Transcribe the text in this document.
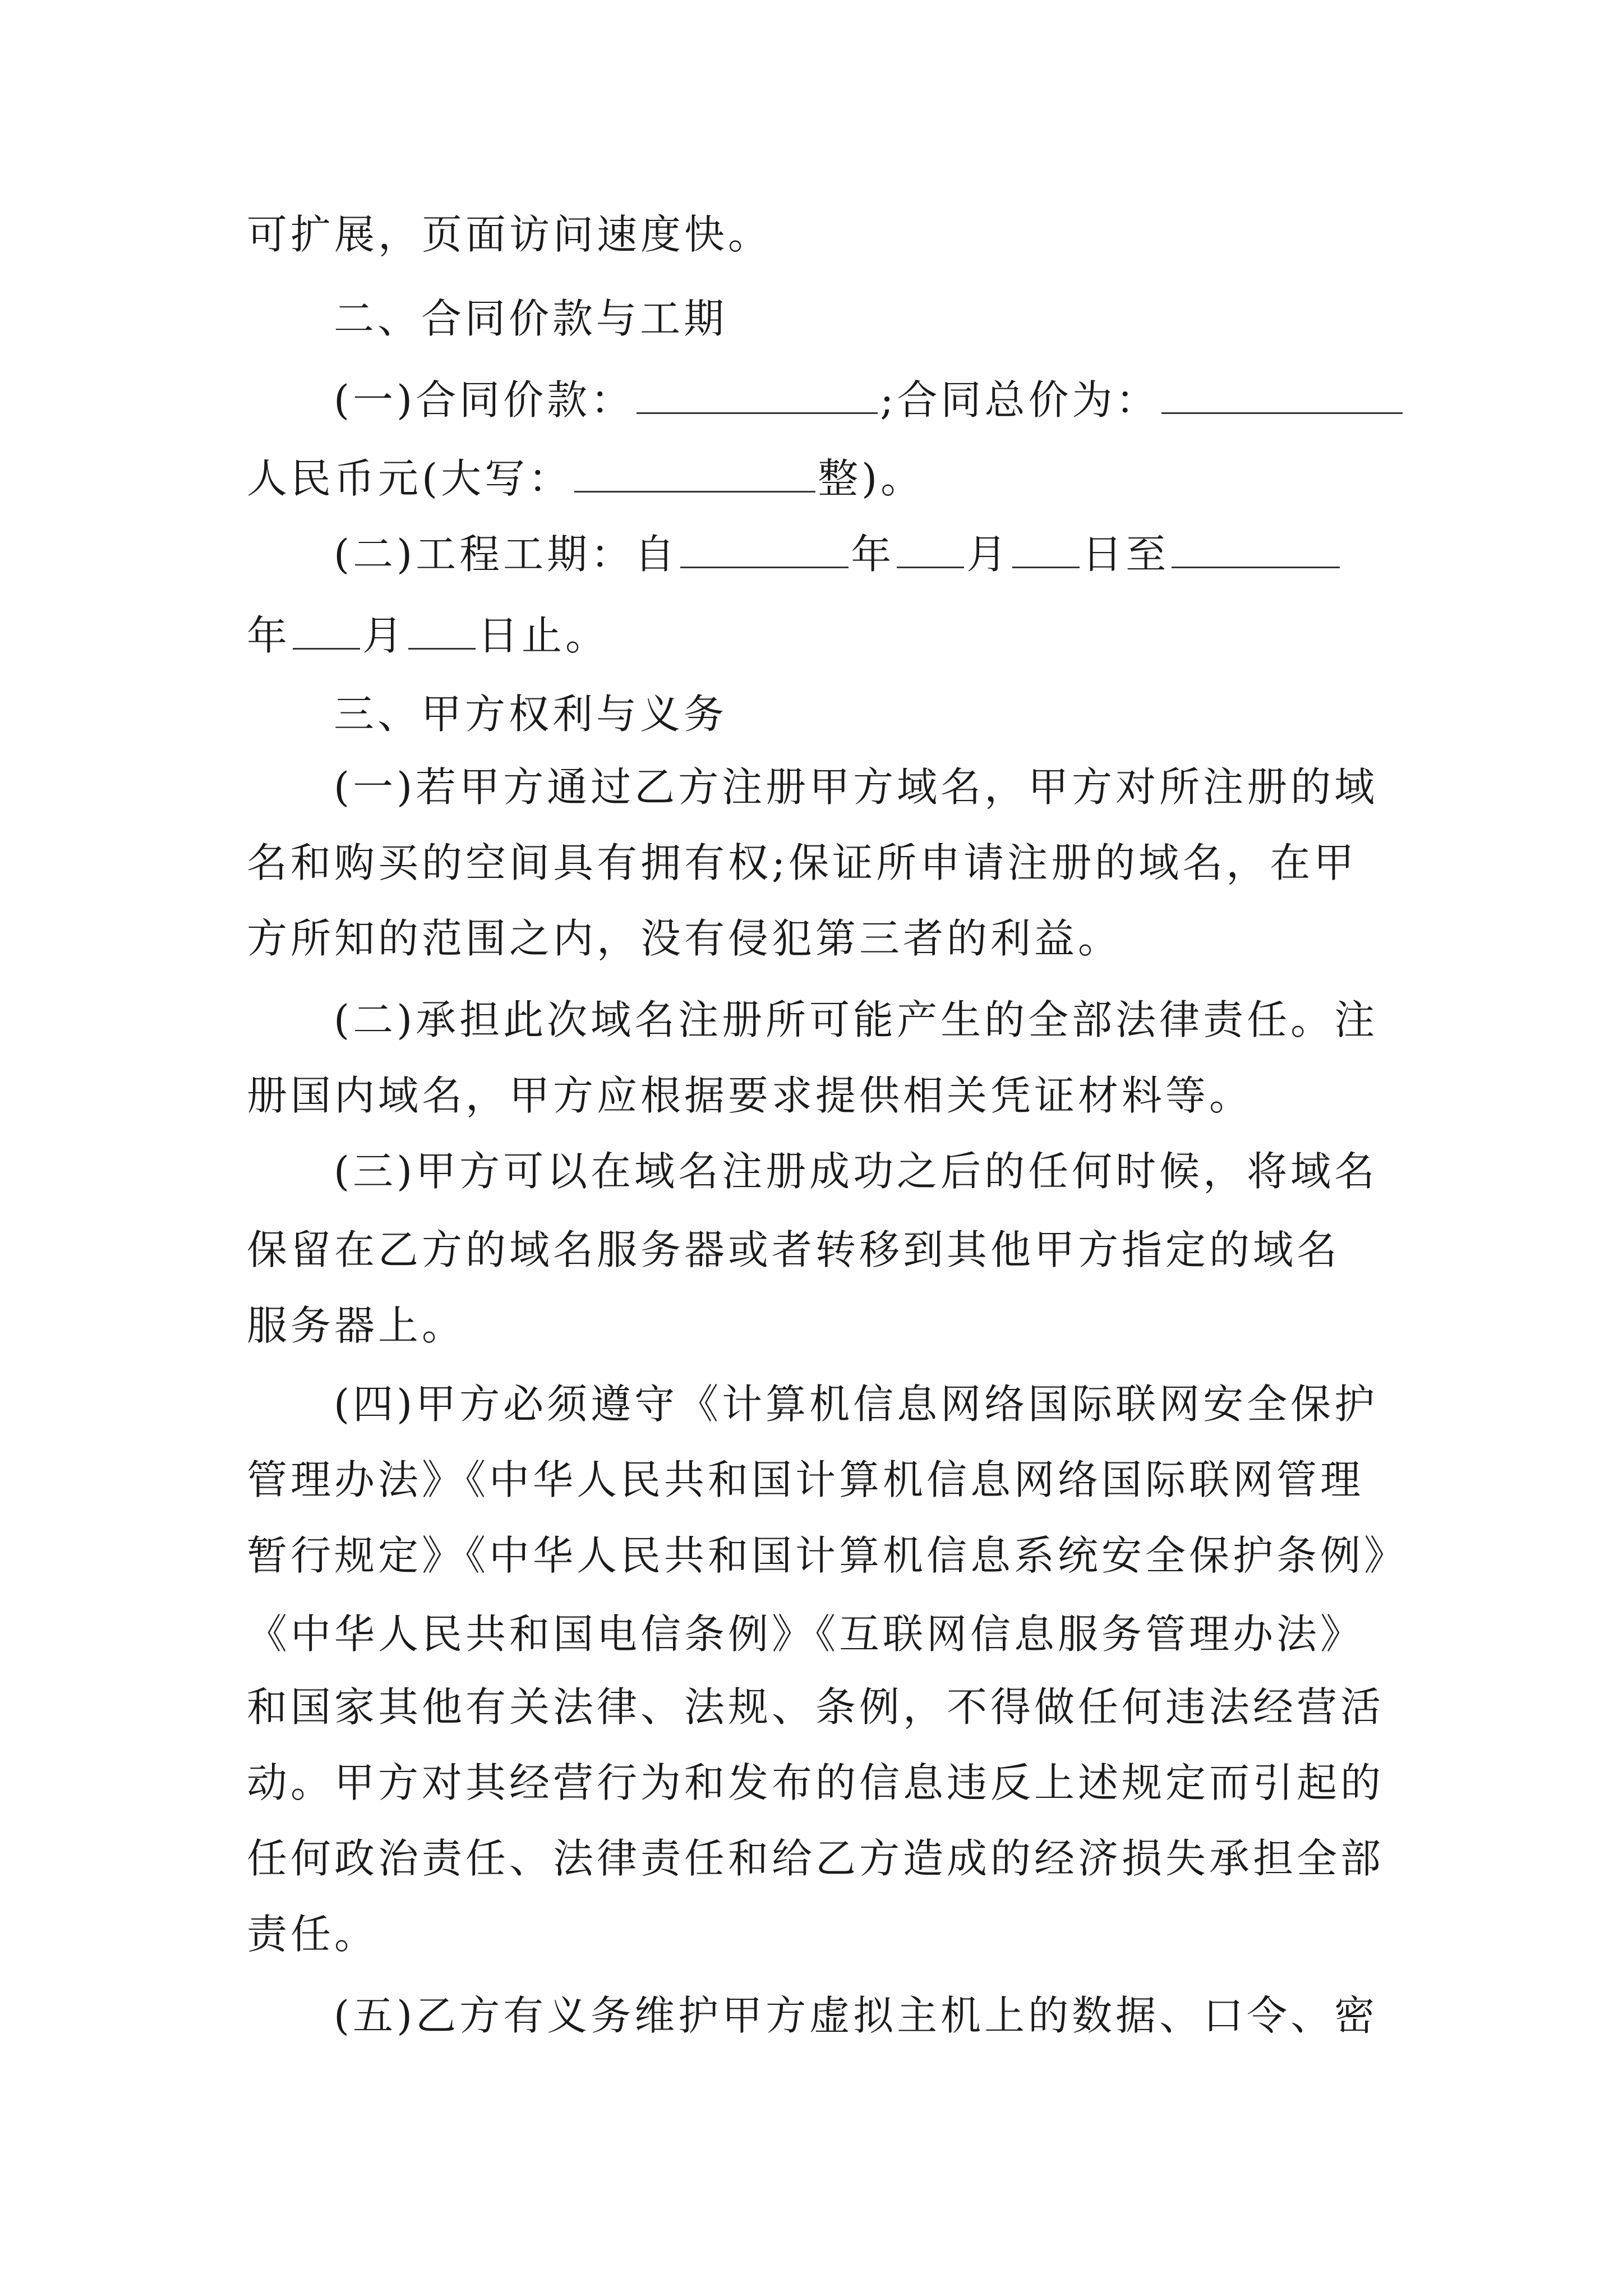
可扩展，页面访问速度快。
二、合同价款与工期
(一)合同价款：	;合同总价为：
人民币元(大写：	整)。
(二)工程工期：自	年 月 日至
年 月 日止。
三、甲方权利与义务
(一)若甲方通过乙方注册甲方域名，甲方对所注册的域
名和购买的空间具有拥有权;保证所申请注册的域名，在甲
方所知的范围之内，没有侵犯第三者的利益。
(二)承担此次域名注册所可能产生的全部法律责任。注
册国内域名，甲方应根据要求提供相关凭证材料等。
(三)甲方可以在域名注册成功之后的任何时候，将域名
保留在乙方的域名服务器或者转移到其他甲方指定的域名
服务器上。
(四)甲方必须遵守《计算机信息网络国际联网安全保护
管理办法》《中华人民共和国计算机信息网络国际联网管理
暂行规定》《中华人民共和国计算机信息系统安全保护条例》
《中华人民共和国电信条例》《互联网信息服务管理办法》
和国家其他有关法律、法规、条例，不得做任何违法经营活
动。甲方对其经营行为和发布的信息违反上述规定而引起的
任何政治责任、法律责任和给乙方造成的经济损失承担全部
责任。
(五)乙方有义务维护甲方虚拟主机上的数据、口令、密
